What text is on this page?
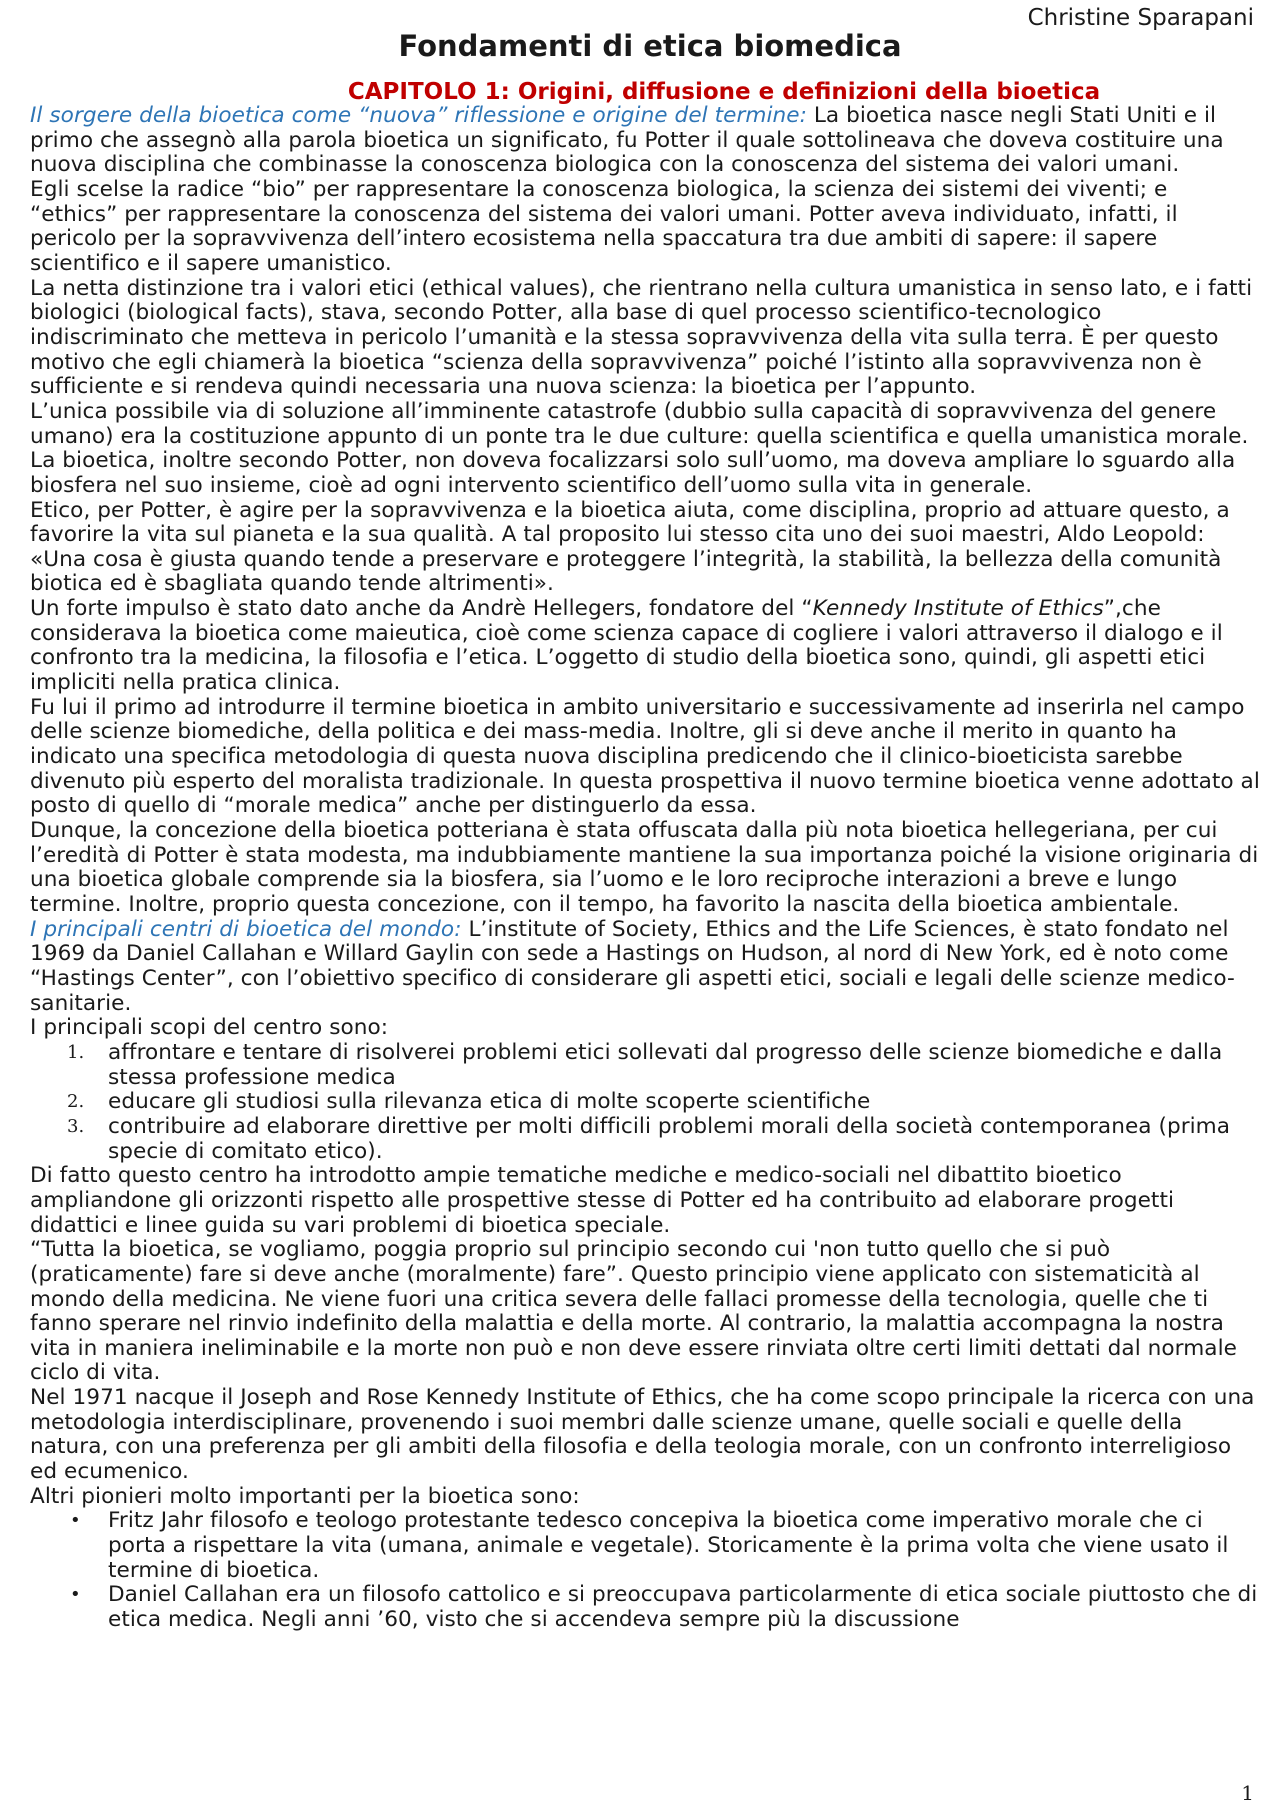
Christine Sparapani
Fondamenti di etica biomedica
CAPITOLO 1: Origini, diffusione e definizioni della bioetica

Il sorgere della bioetica come “nuova” riflessione e origine del termine: La bioetica nasce negli Stati Uniti e il primo che assegnò alla parola bioetica un significato, fu Potter il quale sottolineava che doveva costituire una nuova disciplina che combinasse la conoscenza biologica con la conoscenza del sistema dei valori umani.

Egli scelse la radice “bio” per rappresentare la conoscenza biologica, la scienza dei sistemi dei viventi; e “ethics” per rappresentare la conoscenza del sistema dei valori umani. Potter aveva individuato, infatti, il pericolo per la sopravvivenza dell’intero ecosistema nella spaccatura tra due ambiti di sapere: il sapere scientifico e il sapere umanistico.

La netta distinzione tra i valori etici (ethical values), che rientrano nella cultura umanistica in senso lato, e i fatti biologici (biological facts), stava, secondo Potter, alla base di quel processo scientifico-tecnologico indiscriminato che metteva in pericolo l’umanità e la stessa sopravvivenza della vita sulla terra. È per questo motivo che egli chiamerà la bioetica “scienza della sopravvivenza” poiché l’istinto alla sopravvivenza non è sufficiente e si rendeva quindi necessaria una nuova scienza: la bioetica per l’appunto.

L’unica possibile via di soluzione all’imminente catastrofe (dubbio sulla capacità di sopravvivenza del genere umano) era la costituzione appunto di un ponte tra le due culture: quella scientifica e quella umanistica morale. La bioetica, inoltre secondo Potter, non doveva focalizzarsi solo sull’uomo, ma doveva ampliare lo sguardo alla biosfera nel suo insieme, cioè ad ogni intervento scientifico dell’uomo sulla vita in generale.

Etico, per Potter, è agire per la sopravvivenza e la bioetica aiuta, come disciplina, proprio ad attuare questo, a favorire la vita sul pianeta e la sua qualità. A tal proposito lui stesso cita uno dei suoi maestri, Aldo Leopold: «Una cosa è giusta quando tende a preservare e proteggere l’integrità, la stabilità, la bellezza della comunità biotica ed è sbagliata quando tende altrimenti».

Un forte impulso è stato dato anche da Andrè Hellegers, fondatore del “Kennedy Institute of Ethics”,che considerava la bioetica come maieutica, cioè come scienza capace di cogliere i valori attraverso il dialogo e il confronto tra la medicina, la filosofia e l’etica. L’oggetto di studio della bioetica sono, quindi, gli aspetti etici impliciti nella pratica clinica.

Fu lui il primo ad introdurre il termine bioetica in ambito universitario e successivamente ad inserirla nel campo delle scienze biomediche, della politica e dei mass-media. Inoltre, gli si deve anche il merito in quanto ha indicato una specifica metodologia di questa nuova disciplina predicendo che il clinico-bioeticista sarebbe divenuto più esperto del moralista tradizionale. In questa prospettiva il nuovo termine bioetica venne adottato al posto di quello di “morale medica” anche per distinguerlo da essa.

Dunque, la concezione della bioetica potteriana è stata offuscata dalla più nota bioetica hellegeriana, per cui l’eredità di Potter è stata modesta, ma indubbiamente mantiene la sua importanza poiché la visione originaria di una bioetica globale comprende sia la biosfera, sia l’uomo e le loro reciproche interazioni a breve e lungo termine. Inoltre, proprio questa concezione, con il tempo, ha favorito la nascita della bioetica ambientale.

I principali centri di bioetica del mondo: L’institute of Society, Ethics and the Life Sciences, è stato fondato nel 1969 da Daniel Callahan e Willard Gaylin con sede a Hastings on Hudson, al nord di New York, ed è noto come “Hastings Center”, con l’obiettivo specifico di considerare gli aspetti etici, sociali e legali delle scienze medico-sanitarie.

I principali scopi del centro sono:

1. affrontare e tentare di risolverei problemi etici sollevati dal progresso delle scienze biomediche e dalla stessa professione medica
2. educare gli studiosi sulla rilevanza etica di molte scoperte scientifiche
3. contribuire ad elaborare direttive per molti difficili problemi morali della società contemporanea (prima specie di comitato etico).

Di fatto questo centro ha introdotto ampie tematiche mediche e medico-sociali nel dibattito bioetico ampliandone gli orizzonti rispetto alle prospettive stesse di Potter ed ha contribuito ad elaborare progetti didattici e linee guida su vari problemi di bioetica speciale.

“Tutta la bioetica, se vogliamo, poggia proprio sul principio secondo cui 'non tutto quello che si può (praticamente) fare si deve anche (moralmente) fare”. Questo principio viene applicato con sistematicità al mondo della medicina. Ne viene fuori una critica severa delle fallaci promesse della tecnologia, quelle che ti fanno sperare nel rinvio indefinito della malattia e della morte. Al contrario, la malattia accompagna la nostra vita in maniera ineliminabile e la morte non può e non deve essere rinviata oltre certi limiti dettati dal normale ciclo di vita.

Nel 1971 nacque il Joseph and Rose Kennedy Institute of Ethics, che ha come scopo principale la ricerca con una metodologia interdisciplinare, provenendo i suoi membri dalle scienze umane, quelle sociali e quelle della natura, con una preferenza per gli ambiti della filosofia e della teologia morale, con un confronto interreligioso ed ecumenico.

Altri pionieri molto importanti per la bioetica sono:

• Fritz Jahr filosofo e teologo protestante tedesco concepiva la bioetica come imperativo morale che ci porta a rispettare la vita (umana, animale e vegetale). Storicamente è la prima volta che viene usato il termine di bioetica.
• Daniel Callahan era un filosofo cattolico e si preoccupava particolarmente di etica sociale piuttosto che di etica medica. Negli anni ’60, visto che si accendeva sempre più la discussione
1
